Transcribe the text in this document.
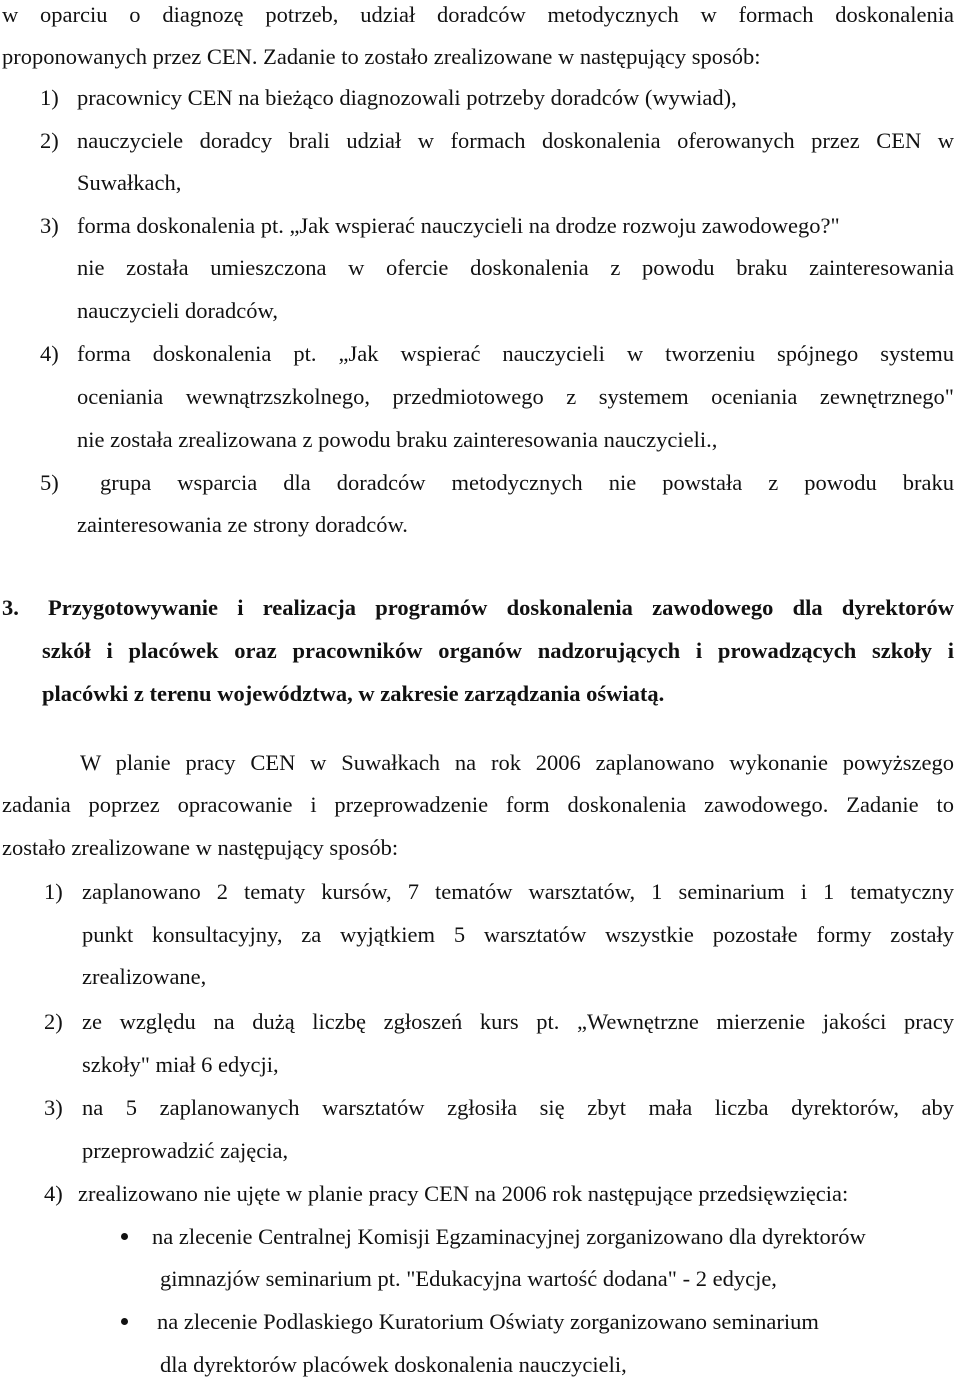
w oparciu o diagnozę potrzeb, udział doradców metodycznych w formach doskonalenia
proponowanych przez CEN. Zadanie to zostało zrealizowane w następujący sposób:
1) pracownicy CEN na bieżąco diagnozowali potrzeby doradców (wywiad),
2) nauczyciele doradcy brali udział w formach doskonalenia oferowanych przez CEN w
Suwałkach,
3) forma doskonalenia pt. „Jak wspierać nauczycieli na drodze rozwoju zawodowego?"
nie została umieszczona w ofercie doskonalenia z powodu braku zainteresowania
nauczycieli doradców,
4) forma doskonalenia pt. „Jak wspierać nauczycieli w tworzeniu spójnego systemu
oceniania wewnątrzszkolnego, przedmiotowego z systemem oceniania zewnętrznego"
nie została zrealizowana z powodu braku zainteresowania nauczycieli.,
5) grupa wsparcia dla doradców metodycznych nie powstała z powodu braku
zainteresowania ze strony doradców.
3. Przygotowywanie i realizacja programów doskonalenia zawodowego dla dyrektorów
szkół i placówek oraz pracowników organów nadzorujących i prowadzących szkoły i
placówki z terenu województwa, w zakresie zarządzania oświatą.
W planie pracy CEN w Suwałkach na rok 2006 zaplanowano wykonanie powyższego
zadania poprzez opracowanie i przeprowadzenie form doskonalenia zawodowego. Zadanie to
zostało zrealizowane w następujący sposób:
1) zaplanowano 2 tematy kursów, 7 tematów warsztatów, 1 seminarium i 1 tematyczny
punkt konsultacyjny, za wyjątkiem 5 warsztatów wszystkie pozostałe formy zostały
zrealizowane,
2) ze względu na dużą liczbę zgłoszeń kurs pt. „Wewnętrzne mierzenie jakości pracy
szkoły" miał 6 edycji,
3) na 5 zaplanowanych warsztatów zgłosiła się zbyt mała liczba dyrektorów, aby
przeprowadzić zajęcia,
4) zrealizowano nie ujęte w planie pracy CEN na 2006 rok następujące przedsięwzięcia:
na zlecenie Centralnej Komisji Egzaminacyjnej zorganizowano dla dyrektorów
gimnazjów seminarium pt. "Edukacyjna wartość dodana" - 2 edycje,
na zlecenie Podlaskiego Kuratorium Oświaty zorganizowano seminarium
dla dyrektorów placówek doskonalenia nauczycieli,
